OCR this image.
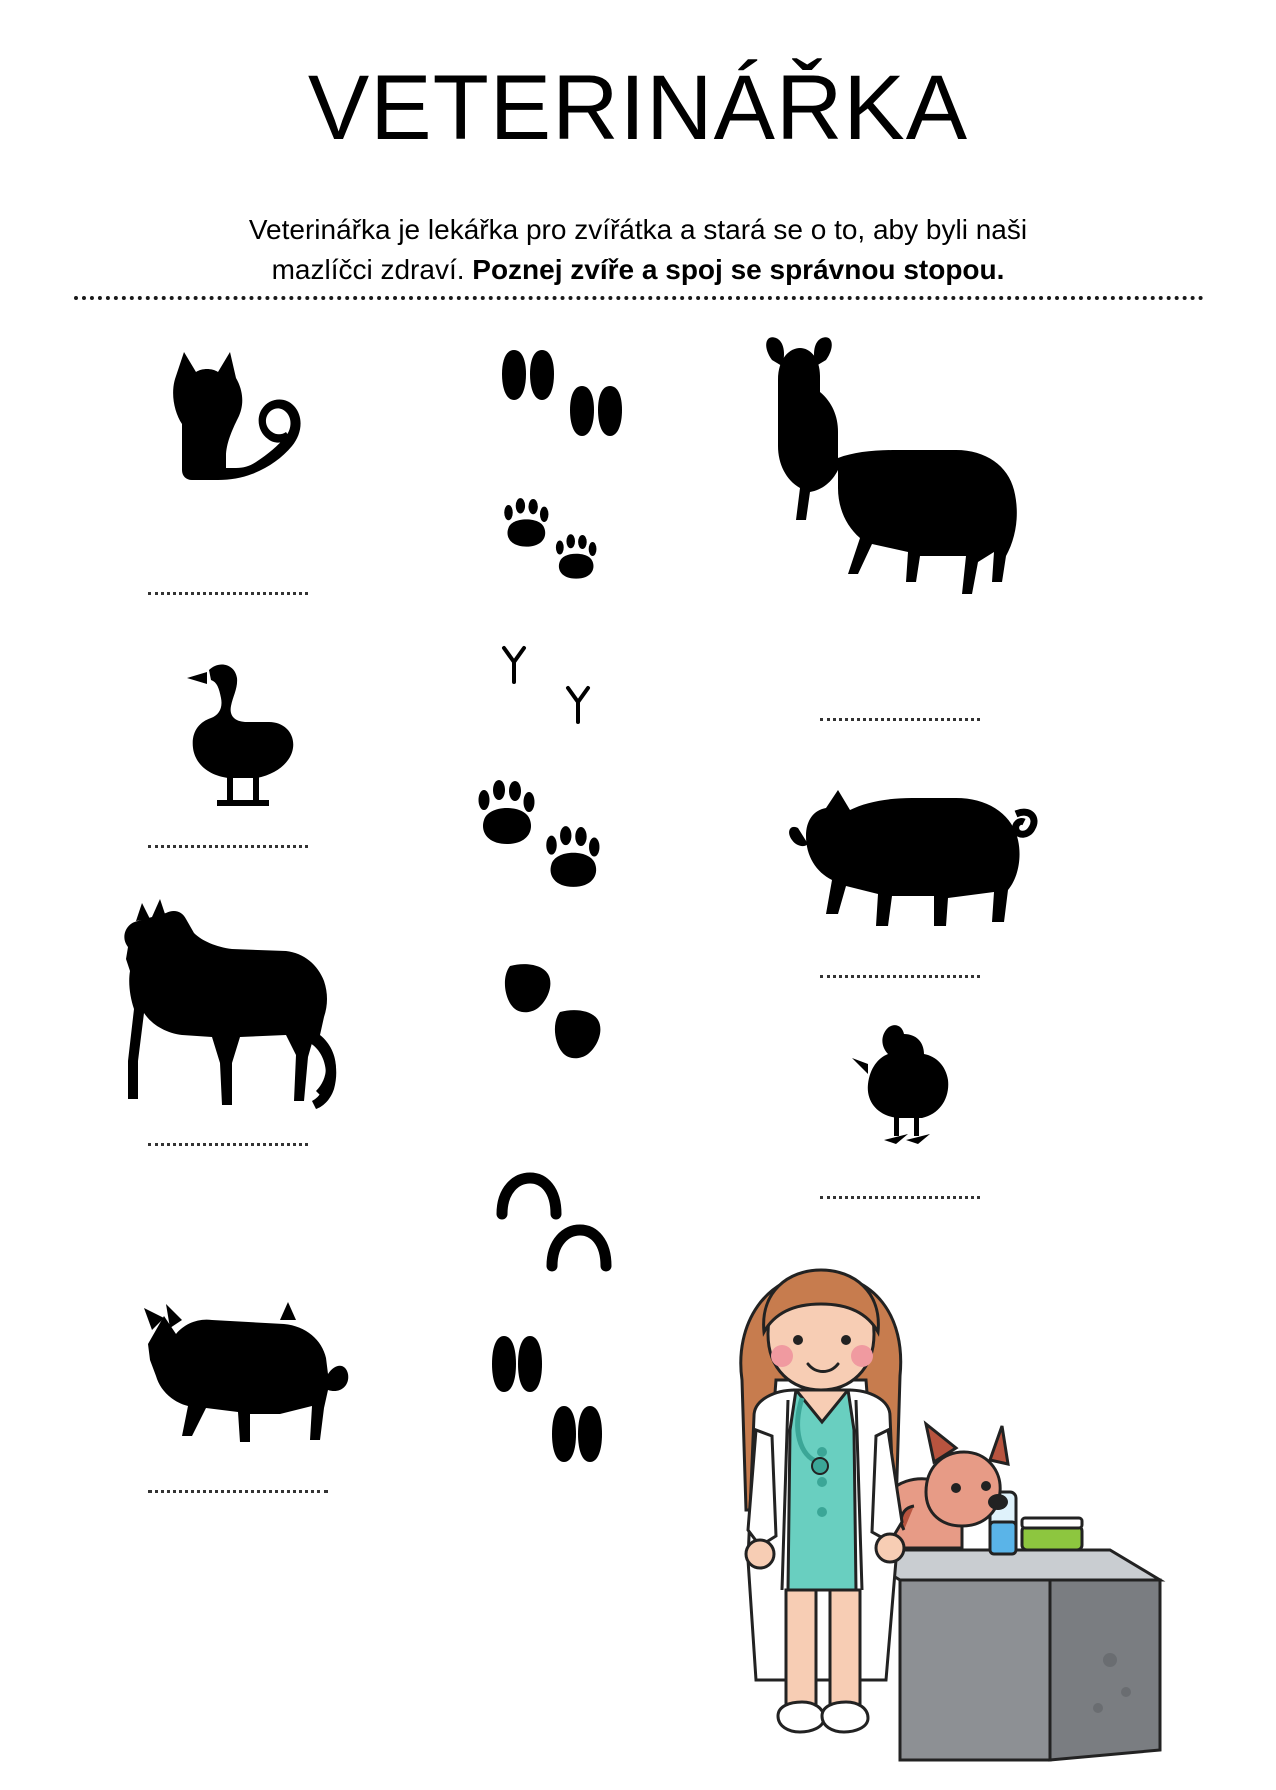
VETERINÁŘKA
Veterinářka je lekářka pro zvířátka a stará se o to, aby byli naši
mazlíčci zdraví. Poznej zvíře a spoj se správnou stopou.
